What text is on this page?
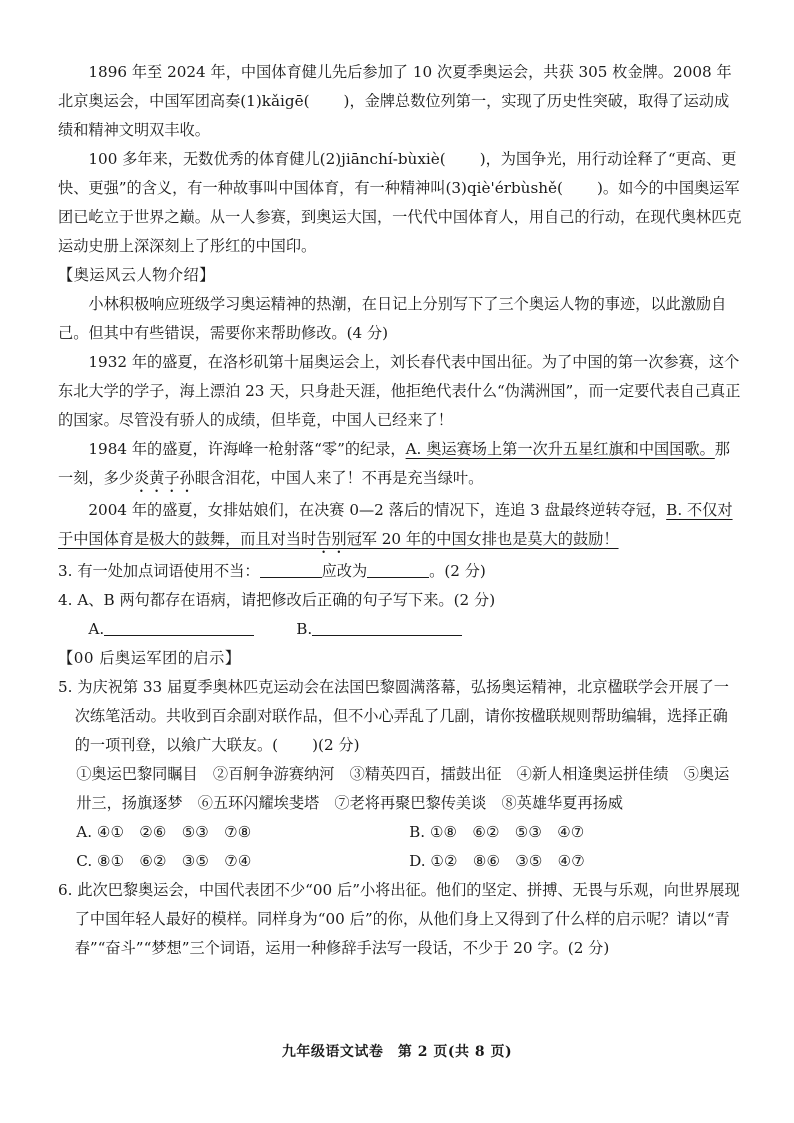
1896 年至 2024 年，中国体育健儿先后参加了 10 次夏季奥运会，共获 305 枚金牌。2008 年北京奥运会，中国军团高奏(1)kǎigē( )，金牌总数位列第一，实现了历史性突破，取得了运动成绩和精神文明双丰收。

100 多年来，无数优秀的体育健儿(2)jiānchí-bùxiè( )，为国争光，用行动诠释了“更高、更快、更强”的含义，有一种故事叫中国体育，有一种精神叫(3)qiè'érbùshě( )。如今的中国奥运军团已屹立于世界之巅。从一人参赛，到奥运大国，一代代中国体育人，用自己的行动，在现代奥林匹克运动史册上深深刻上了彤红的中国印。

【奥运风云人物介绍】

小林积极响应班级学习奥运精神的热潮，在日记上分别写下了三个奥运人物的事迹，以此激励自己。但其中有些错误，需要你来帮助修改。(4 分)

1932 年的盛夏，在洛杉矶第十届奥运会上，刘长春代表中国出征。为了中国的第一次参赛，这个东北大学的学子，海上漂泊 23 天，只身赴天涯，他拒绝代表什么“伪满洲国”，而一定要代表自己真正的国家。尽管没有骄人的成绩，但毕竟，中国人已经来了！

1984 年的盛夏，许海峰一枪射落“零”的纪录，A. 奥运赛场上第一次升五星红旗和中国国歌。那一刻，多少炎黄子孙眼含泪花，中国人来了！不再是充当绿叶。

2004 年的盛夏，女排姑娘们，在决赛 0—2 落后的情况下，连追 3 盘最终逆转夺冠，B. 不仅对于中国体育是极大的鼓舞，而且对当时告别冠军 20 年的中国女排也是莫大的鼓励！

3. 有一处加点词语使用不当：	应改为	。(2 分)

4. A、B 两句都存在语病，请把修改后正确的句子写下来。(2 分)

A.	B.

【00 后奥运军团的启示】

5. 为庆祝第 33 届夏季奥林匹克运动会在法国巴黎圆满落幕，弘扬奥运精神，北京楹联学会开展了一次练笔活动。共收到百余副对联作品，但不小心弄乱了几副，请你按楹联规则帮助编辑，选择正确的一项刊登，以飨广大联友。( )(2 分)

①奥运巴黎同瞩目　②百舸争游赛纳河　③精英四百，擂鼓出征　④新人相逢奥运拼佳绩　⑤奥运卅三，扬旗逐梦　⑥五环闪耀埃斐塔　⑦老将再聚巴黎传美谈　⑧英雄华夏再扬威

A. ④①　②⑥　⑤③　⑦⑧	B. ①⑧　⑥②　⑤③　④⑦
C. ⑧①　⑥②　③⑤　⑦④	D. ①②　⑧⑥　③⑤　④⑦

6. 此次巴黎奥运会，中国代表团不少“00 后”小将出征。他们的坚定、拼搏、无畏与乐观，向世界展现了中国年轻人最好的模样。同样身为“00 后”的你，从他们身上又得到了什么样的启示呢？请以“青春”“奋斗”“梦想”三个词语，运用一种修辞手法写一段话，不少于 20 字。(2 分)

九年级语文试卷　第 2 页(共 8 页)
